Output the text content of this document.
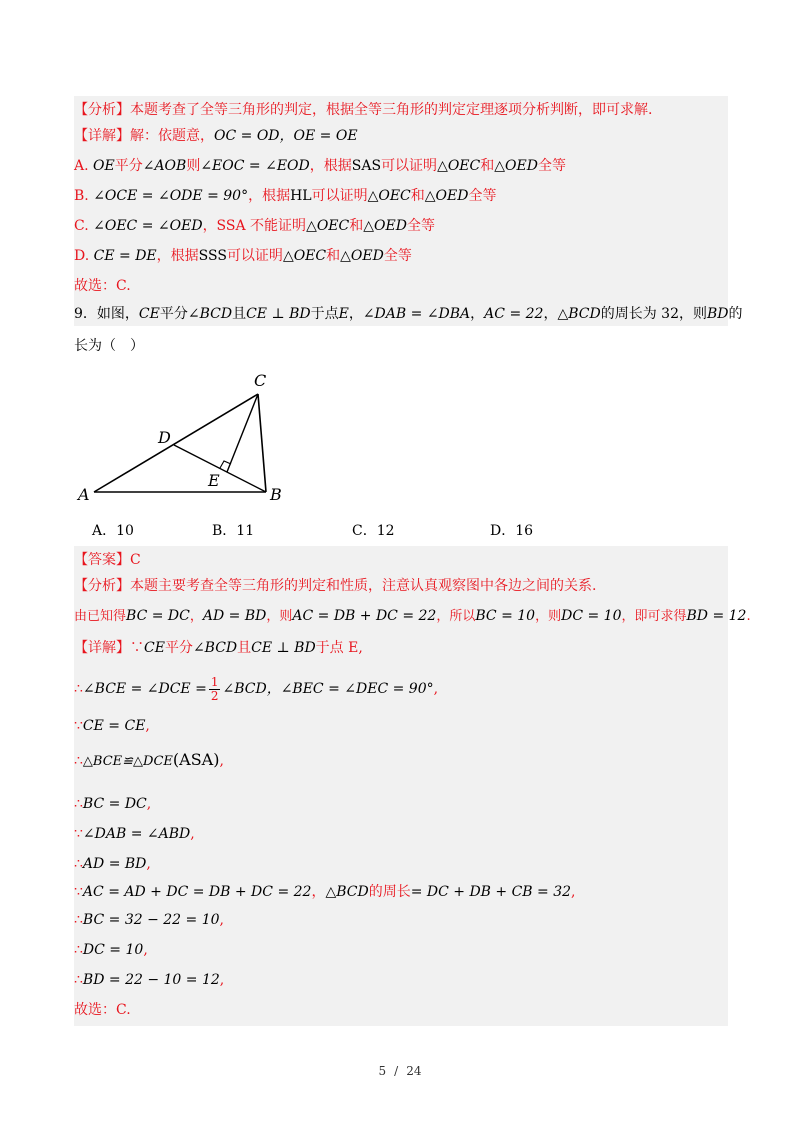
【分析】本题考查了全等三角形的判定，根据全等三角形的判定定理逐项分析判断，即可求解.
【详解】解：依题意，OC = OD，OE = OE
A. OE平分∠AOB则∠EOC = ∠EOD，根据SAS可以证明△OEC和△OED全等
B. ∠OCE = ∠ODE = 90°，根据HL可以证明△OEC和△OED全等
C. ∠OEC = ∠OED，SSA 不能证明△OEC和△OED全等
D. CE = DE，根据SSS可以证明△OEC和△OED全等
故选：C.
9．如图，CE平分∠BCD且CE ⊥ BD于点E，∠DAB = ∠DBA，AC = 22，△BCD的周长为 32，则BD的
长为（　）
A	B
C
D
E
A．10	B．11	C．12	D．16
【答案】C
【分析】本题主要考查全等三角形的判定和性质，注意认真观察图中各边之间的关系.
由已知得BC = DC，AD = BD，则AC = DB + DC = 22，所以BC = 10，则DC = 10，即可求得BD = 12.
【详解】∵CE平分∠BCD且CE ⊥ BD于点 E,
∴∠BCE = ∠DCE = $\frac{1}{2}$ ∠BCD，∠BEC = ∠DEC = 90°,
∵CE = CE,
∴△BCE≌△DCE(ASA),
∴BC = DC,
∵∠DAB = ∠ABD,
∴AD = BD,
∵AC = AD + DC = DB + DC = 22，△BCD的周长= DC + DB + CB = 32,
∴BC = 32 − 22 = 10,
∴DC = 10,
∴BD = 22 − 10 = 12,
故选：C.
5 / 24
